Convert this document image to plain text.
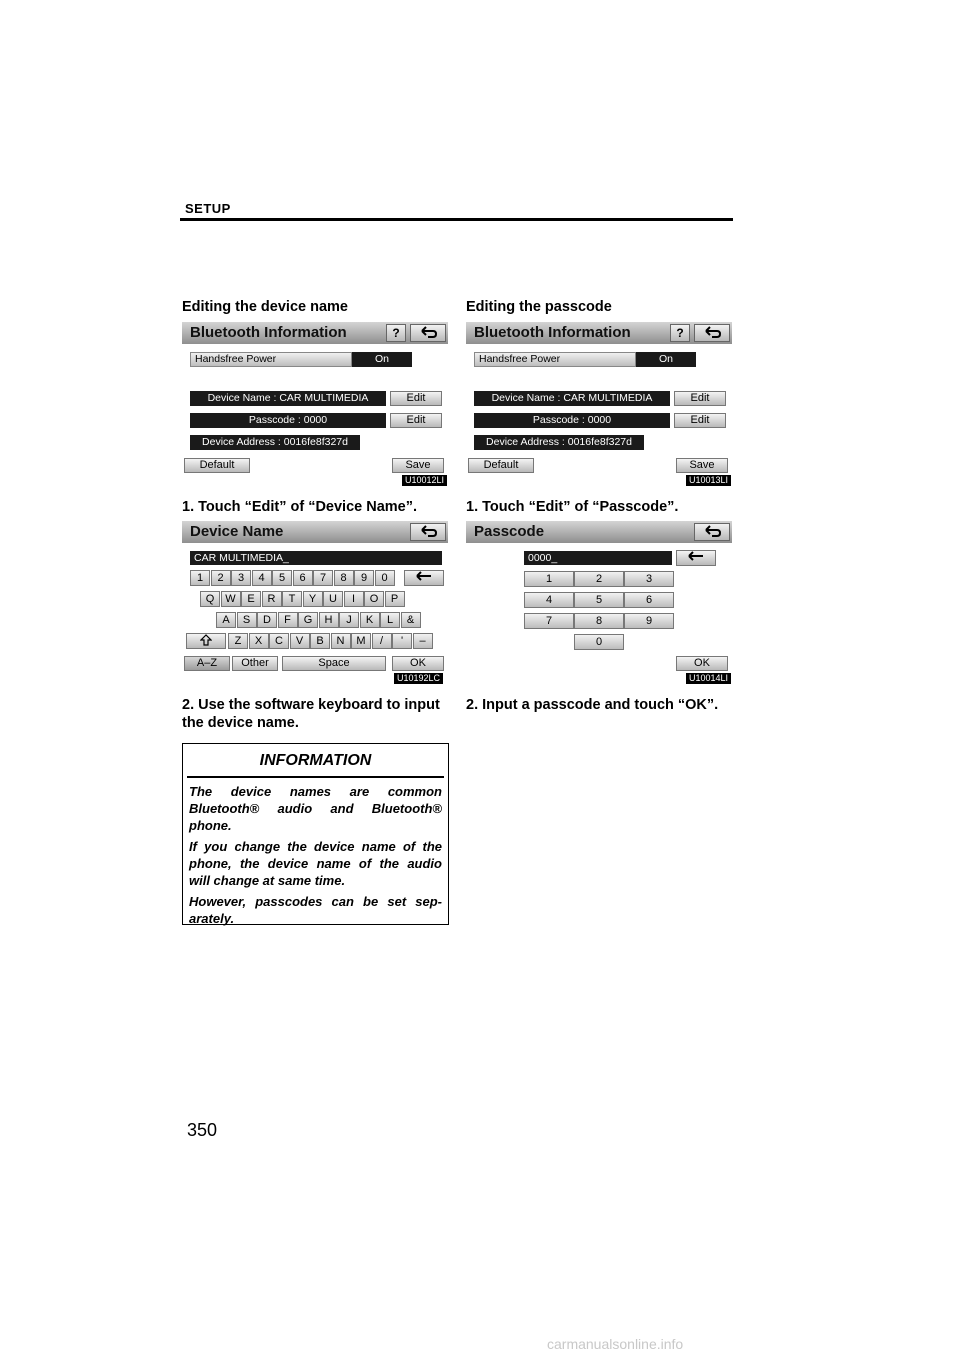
SETUP
Editing the device name
Bluetooth Information	?
Handsfree Power	On
Device Name : CAR MULTIMEDIA	Edit
Passcode : 0000	Edit
Device Address : 0016fe8f327d
Default	Save
U10012LI
1. Touch “Edit” of “Device Name”.
Device Name
CAR MULTIMEDIA_
1	2	3	4	5	6	7	8	9	0
Q	W	E	R	T	Y	U	I	O	P
A	S	D	F	G	H	J	K	L	&
Z	X	C	V	B	N	M	/	'	–
A–Z	Other	Space	OK
U10192LC
2. Use the software keyboard to input
the device name.
INFORMATION
The device names are common
Bluetooth® audio and Bluetooth®
phone.
If you change the device name of the
phone, the device name of the audio
will change at same time.
However, passcodes can be set sep-
arately.
Editing the passcode
Bluetooth Information	?
Handsfree Power	On
Device Name : CAR MULTIMEDIA	Edit
Passcode : 0000	Edit
Device Address : 0016fe8f327d
Default	Save
U10013LI
1. Touch “Edit” of “Passcode”.
Passcode
0000_
1	2	3
4	5	6
7	8	9
0
OK
U10014LI
2. Input a passcode and touch “OK”.
350
carmanualsonline.info
